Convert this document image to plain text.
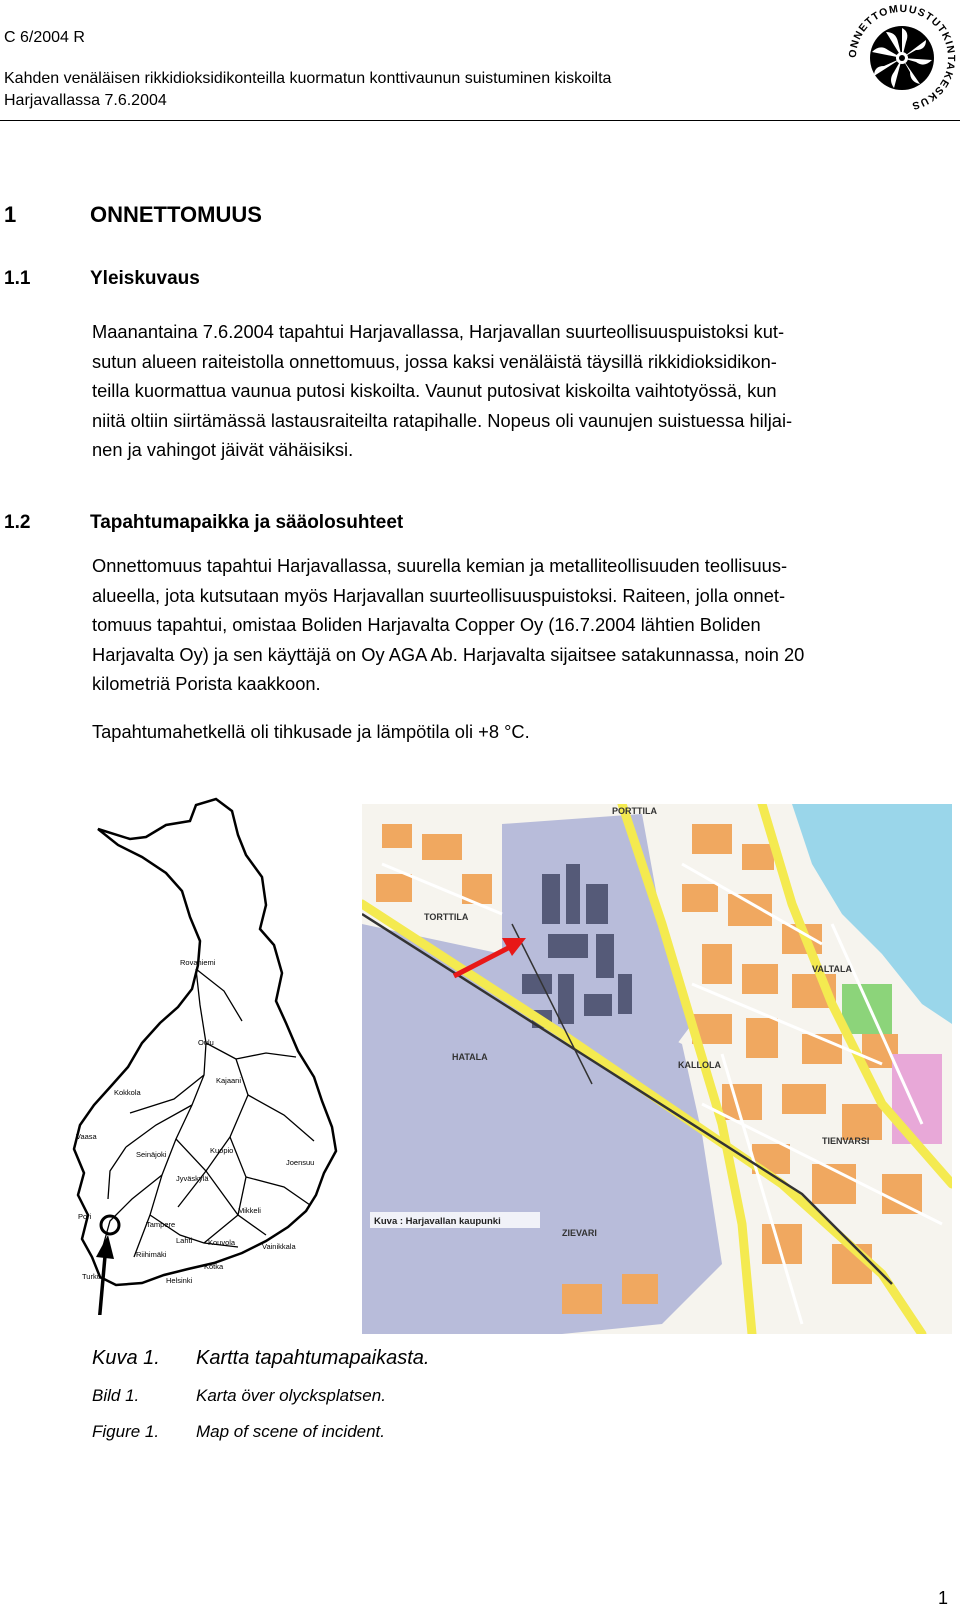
C 6/2004 R
Kahden venäläisen rikkidioksidikonteilla kuormatun konttivaunun suistuminen kiskoilta
Harjavallassa 7.6.2004
ONNETTOMUUSTUTKINTAKESKUS
1	ONNETTOMUUS
1.1	Yleiskuvaus
Maanantaina 7.6.2004 tapahtui Harjavallassa, Harjavallan suurteollisuuspuistoksi kut-
sutun alueen raiteistolla onnettomuus, jossa kaksi venäläistä täysillä rikkidioksidikon-
teilla kuormattua vaunua putosi kiskoilta. Vaunut putosivat kiskoilta vaihtotyössä, kun
niitä oltiin siirtämässä lastausraiteilta ratapihalle. Nopeus oli vaunujen suistuessa hiljai-
nen ja vahingot jäivät vähäisiksi.
1.2	Tapahtumapaikka ja sääolosuhteet
Onnettomuus tapahtui Harjavallassa, suurella kemian ja metalliteollisuuden teollisuus-
alueella, jota kutsutaan myös Harjavallan suurteollisuuspuistoksi. Raiteen, jolla onnet-
tomuus tapahtui, omistaa Boliden Harjavalta Copper Oy (16.7.2004 lähtien Boliden
Harjavalta Oy) ja sen käyttäjä on Oy AGA Ab. Harjavalta sijaitsee satakunnassa, noin 20
kilometriä Porista kaakkoon.
Tapahtumahetkellä oli tihkusade ja lämpötila oli +8 °C.
Rovaniemi
Oulu
Kokkola
Kajaani
Vaasa
Seinäjoki	Kuopio
Joensuu
Jyväskylä
Pori
Tampere
Mikkeli
Lahti Kouvola	Vainikkala
Riihimäki
Turku
Kotka
Helsinki
TORTTILA
VALTALA
HATALA
KALLOLA
TIENVARSI
ZIEVARI
PORTTILA
Kuva : Harjavallan kaupunki
Kuva 1. Kartta tapahtumapaikasta.
Bild 1.	Karta över olycksplatsen.
Figure 1. Map of scene of incident.
1
